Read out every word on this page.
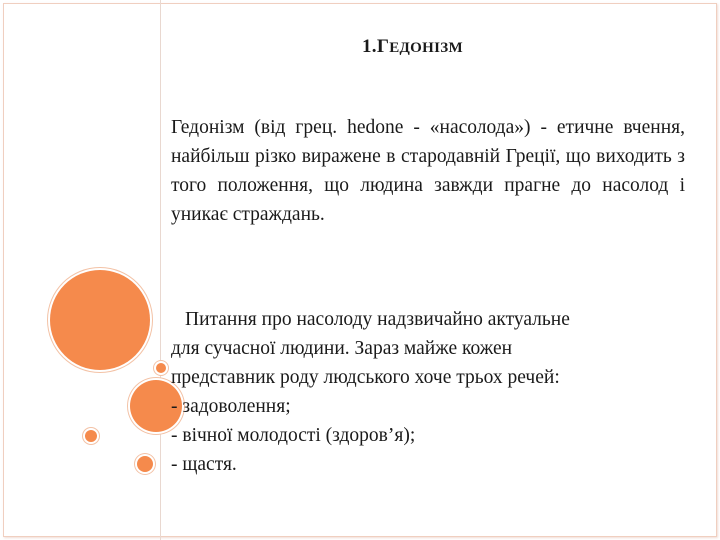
1.ГЕДОНІЗМ
Гедонізм (від грец. hedone - «насолода») - етичне вчення, найбільш різко виражене в стародавній Греції, що виходить з того положення, що людина завжди прагне до насолод і уникає страждань.
Питання про насолоду надзвичайно актуальне
для сучасної людини. Зараз майже кожен
представник роду людського хоче трьох речей:
- задоволення;
- вічної молодості (здоров’я);
- щастя.
